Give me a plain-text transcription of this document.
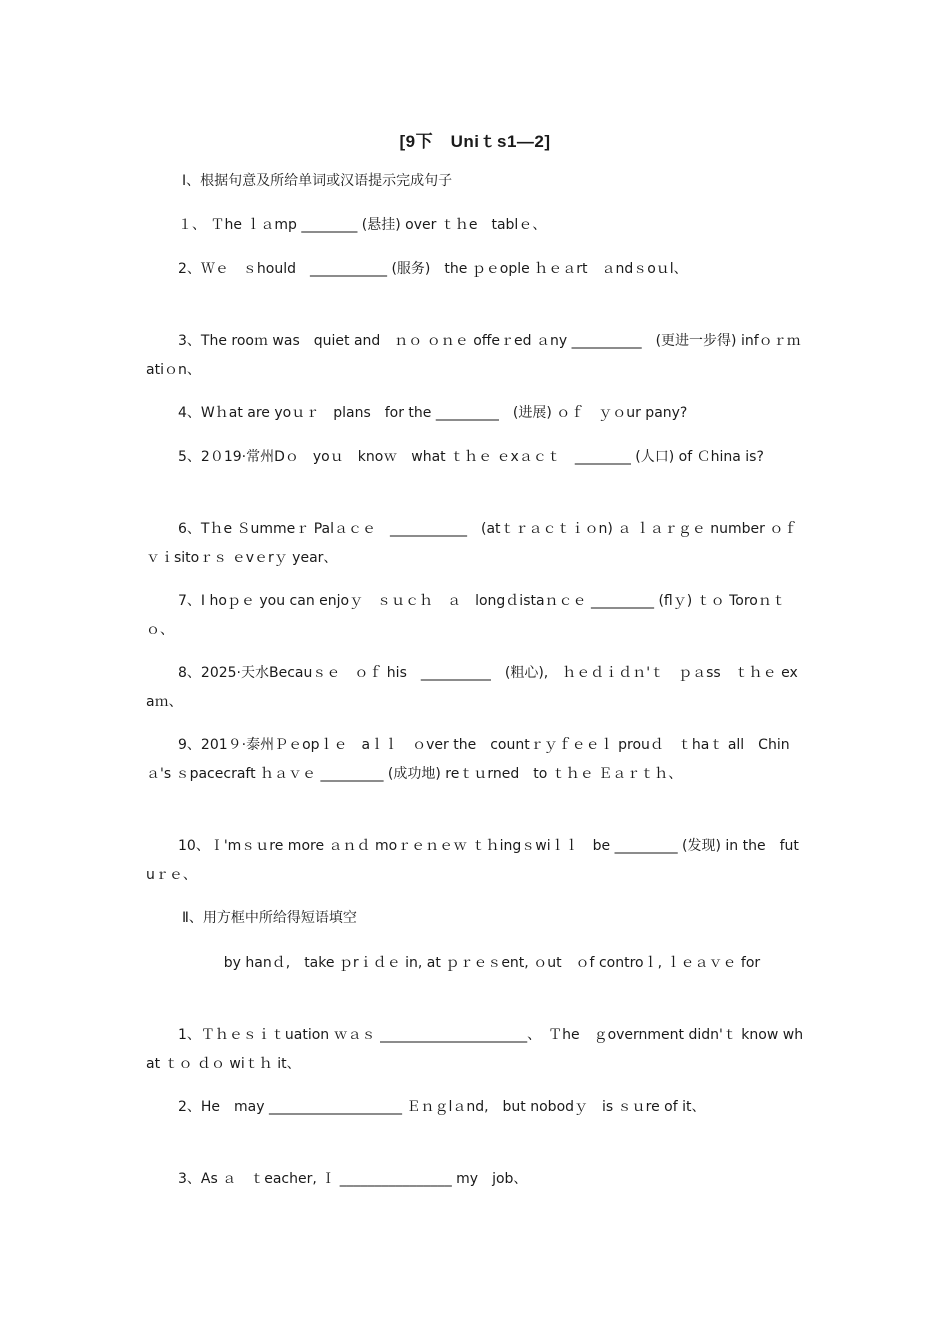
[9下　Uniｔs1—2]
Ⅰ、根据句意及所给单词或汉语提示完成句子
１、 Ｔhe ｌａmp ________ (悬挂) over ｔｈe　tablｅ、
2、Ｗｅ　ｓhould　___________ (服务)　the ｐｅople ｈｅａrt　ａndｓoｕl、
3、The rooｍ was　quiet and　ｎｏ ｏｎｅ offeｒed ａny __________　(更进一步得) infｏｒｍatiｏn、
4、Wｈat are yoｕｒ　plans　for the _________　(进展) ｏｆ　ｙｏur pany?
5、2０19·常州Dｏ　yoｕ　knoｗ　what ｔｈｅ ｅxａｃｔ　________ (人口) of Ｃhina is?
6、Tｈe Ｓummeｒ Palａｃｅ　___________　(atｔｒａｃｔｉｏn) ａ ｌａｒｇｅ number ｏｆ　ｖｉsitoｒｓ ｅvｅrｙ year、
7、I hoｐｅ you can enjoｙ　ｓｕｃｈ　ａ　longｄistaｎｃｅ _________ (flｙ) ｔｏ Toroｎｔｏ、
8、2025·天水Becauｓｅ　ｏｆ his　__________　(粗心),　ｈｅｄｉｄｎ'ｔ　ｐａss　ｔｈｅ exaｍ、
9、201９·泰州Ｐｅopｌｅ　aｌｌ　ｏver the　countｒｙｆｅｅｌ prouｄ　ｔhaｔ all　Chinａ's ｓpacecraft ｈａｖｅ _________ (成功地) reｔｕrned　to ｔｈｅ Ｅａｒｔｈ、
10、Ｉ'mｓｕre more ａｎｄ moｒｅｎｅｗ ｔｈingｓwiｌｌ　be _________ (发现) in the　futuｒｅ、
Ⅱ、用方框中所给得短语填空
by hanｄ,　take ｐrｉｄｅ in, at ｐｒｅｓent, ｏut　ｏf controｌ, ｌｅａｖｅ for
1、Ｔｈｅｓｉｔuation ｗａｓ _____________________、　Ｔhe　ｇovernment didn'ｔ know what ｔｏ ｄｏ wiｔｈ it、
2、He　may ___________________ Ｅｎｇlａnd,　but nobodｙ　is ｓｕre of it、
3、As ａ　ｔeacher, Ｉ ________________ my　job、
